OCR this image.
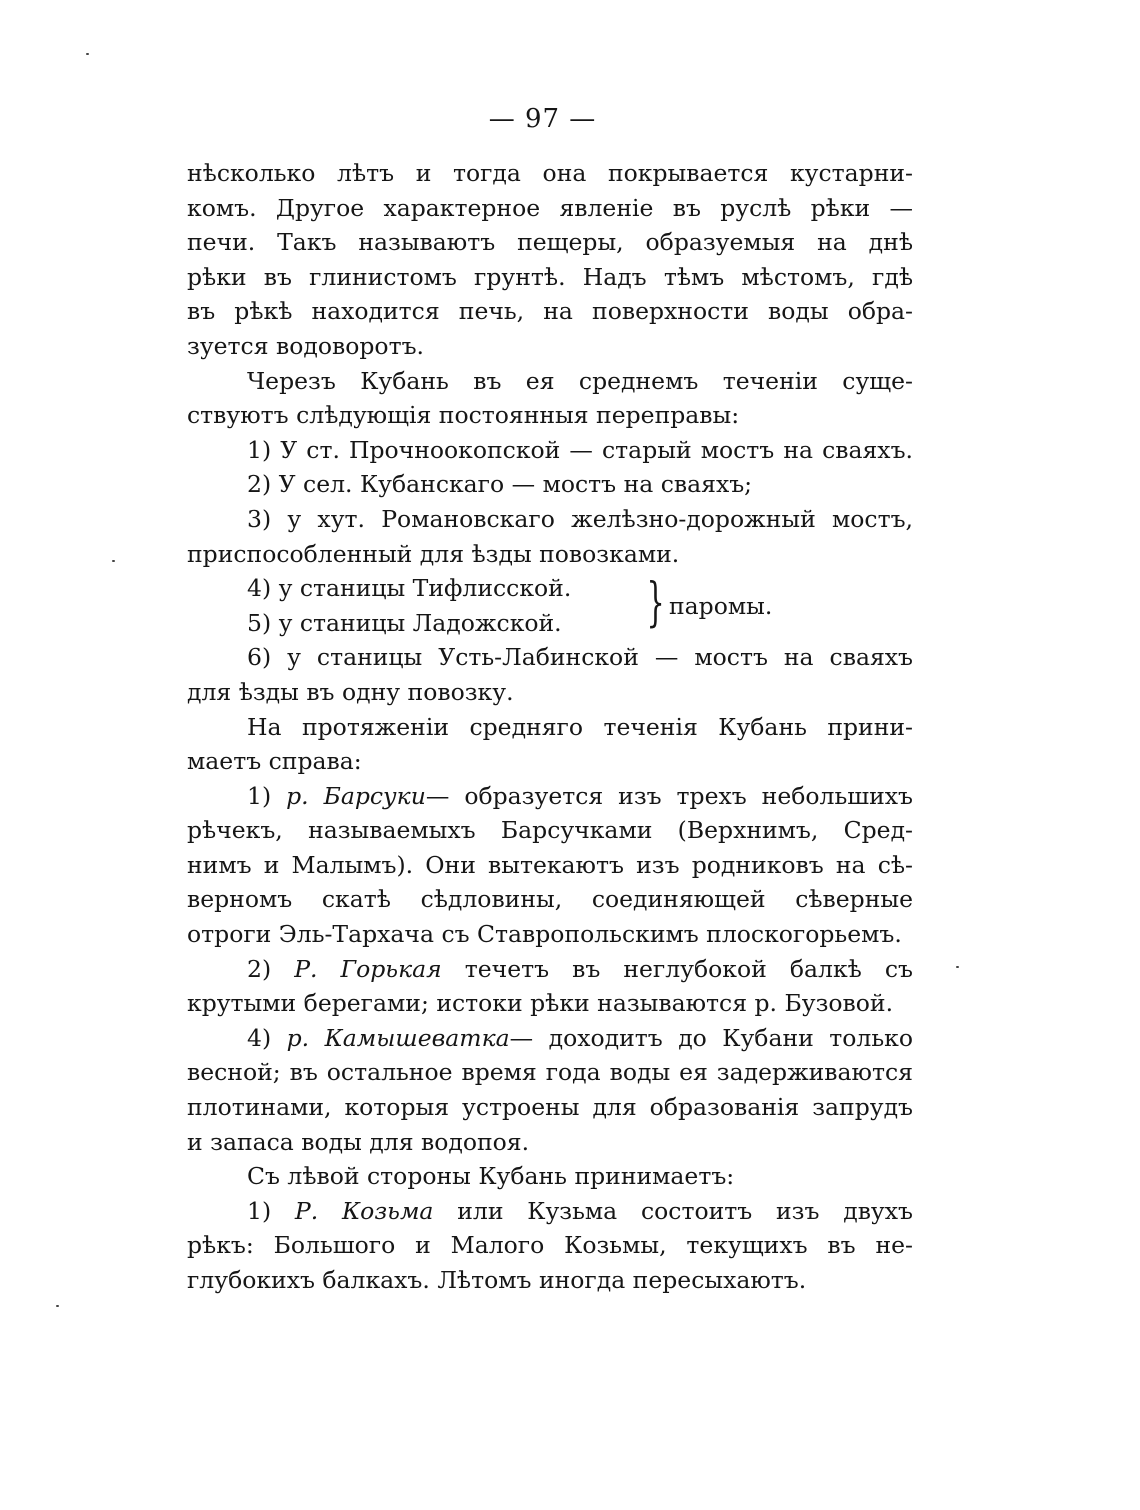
— 97 —
нѣсколько лѣтъ и тогда она покрывается кустарни-
комъ. Другое характерное явленіе въ руслѣ рѣки —
печи. Такъ называютъ пещеры, образуемыя на днѣ
рѣки въ глинистомъ грунтѣ. Надъ тѣмъ мѣстомъ, гдѣ
въ рѣкѣ находится печь, на поверхности воды обра-
зуется водоворотъ.
Черезъ Кубань въ ея среднемъ теченіи суще-
ствуютъ слѣдующія постоянныя переправы:
1) У ст. Прочноокопской — старый мостъ на сваяхъ.
2) У сел. Кубанскаго — мостъ на сваяхъ;
3) у хут. Романовскаго желѣзно-дорожный мостъ,
приспособленный для ѣзды повозками.
4) у станицы Тифлисской.
5) у станицы Ладожской. } паромы.
6) у станицы Усть-Лабинской — мостъ на сваяхъ
для ѣзды въ одну повозку.
На протяженіи средняго теченія Кубань прини-
маетъ справа:
1) р. Барсуки— образуется изъ трехъ небольшихъ
рѣчекъ, называемыхъ Барсучками (Верхнимъ, Сред-
нимъ и Малымъ). Они вытекаютъ изъ родниковъ на сѣ-
верномъ скатѣ сѣдловины, соединяющей сѣверные
отроги Эль-Тархача съ Ставропольскимъ плоскогорьемъ.
2) Р. Горькая течетъ въ неглубокой балкѣ съ
крутыми берегами; истоки рѣки называются р. Бузовой.
4) р. Камышеватка— доходитъ до Кубани только
весной; въ остальное время года воды ея задерживаются
плотинами, которыя устроены для образованія запрудъ
и запаса воды для водопоя.
Съ лѣвой стороны Кубань принимаетъ:
1) Р. Козьма или Кузьма состоитъ изъ двухъ
рѣкъ: Большого и Малого Козьмы, текущихъ въ не-
глубокихъ балкахъ. Лѣтомъ иногда пересыхаютъ.
